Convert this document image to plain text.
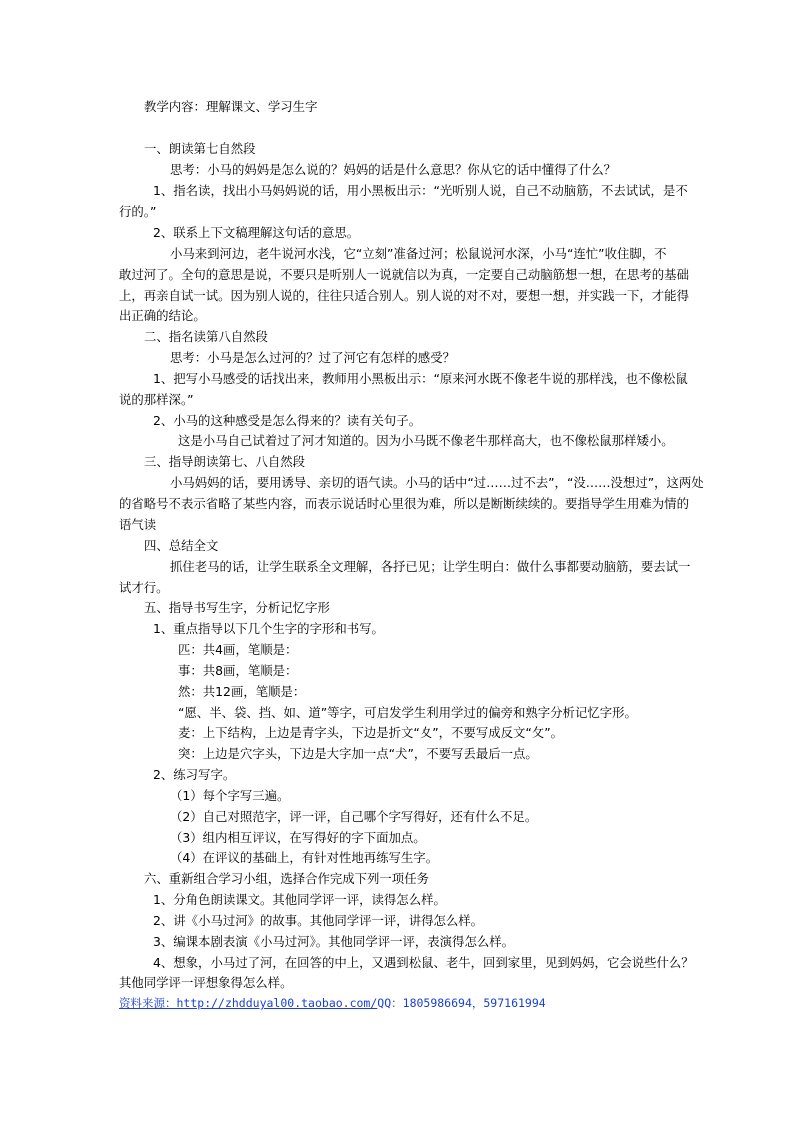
教学内容：理解课文、学习生字

一、朗读第七自然段

思考：小马的妈妈是怎么说的？妈妈的话是什么意思？你从它的话中懂得了什么？

1、指名读，找出小马妈妈说的话，用小黑板出示：“光听别人说，自己不动脑筋，不去试试，是不

行的。”

2、联系上下文稿理解这句话的意思。

小马来到河边，老牛说河水浅，它“立刻”准备过河；松鼠说河水深，小马“连忙”收住脚，不

敢过河了。全句的意思是说，不要只是听别人一说就信以为真，一定要自己动脑筋想一想，在思考的基础

上，再亲自试一试。因为别人说的，往往只适合别人。别人说的对不对，要想一想，并实践一下，才能得

出正确的结论。

二、指名读第八自然段

思考：小马是怎么过河的？过了河它有怎样的感受？

1、把写小马感受的话找出来，教师用小黑板出示：“原来河水既不像老牛说的那样浅，也不像松鼠

说的那样深。”

2、小马的这种感受是怎么得来的？读有关句子。

这是小马自己试着过了河才知道的。因为小马既不像老牛那样高大，也不像松鼠那样矮小。

三、指导朗读第七、八自然段

小马妈妈的话，要用诱导、亲切的语气读。小马的话中“过……过不去”，“没……没想过”，这两处

的省略号不表示省略了某些内容，而表示说话时心里很为难，所以是断断续续的。要指导学生用难为情的

语气读

四、总结全文

抓住老马的话，让学生联系全文理解，各抒已见；让学生明白：做什么事都要动脑筋，要去试一

试才行。

五、指导书写生字，分析记忆字形

1、重点指导以下几个生字的字形和书写。

匹：共4画，笔顺是：

事：共8画，笔顺是：

然：共12画，笔顺是：

“愿、半、袋、挡、如、道”等字，可启发学生利用学过的偏旁和熟字分析记忆字形。

麦：上下结构，上边是青字头，下边是折文“夊”，不要写成反文“攵”。

突：上边是穴字头，下边是大字加一点“犬”，不要写丢最后一点。

2、练习写字。

（1）每个字写三遍。

（2）自己对照范字，评一评，自己哪个字写得好，还有什么不足。

（3）组内相互评议，在写得好的字下面加点。

（4）在评议的基础上，有针对性地再练写生字。

六、重新组合学习小组，选择合作完成下列一项任务

1、分角色朗读课文。其他同学评一评，读得怎么样。

2、讲《小马过河》的故事。其他同学评一评，讲得怎么样。

3、编课本剧表演《小马过河》。其他同学评一评，表演得怎么样。

4、想象，小马过了河，在回答的中上，又遇到松鼠、老牛，回到家里，见到妈妈，它会说些什么？

其他同学评一评想象得怎么样。

资料来源：http://zhdduyal00.taobao.com/QQ：1805986694，597161994
